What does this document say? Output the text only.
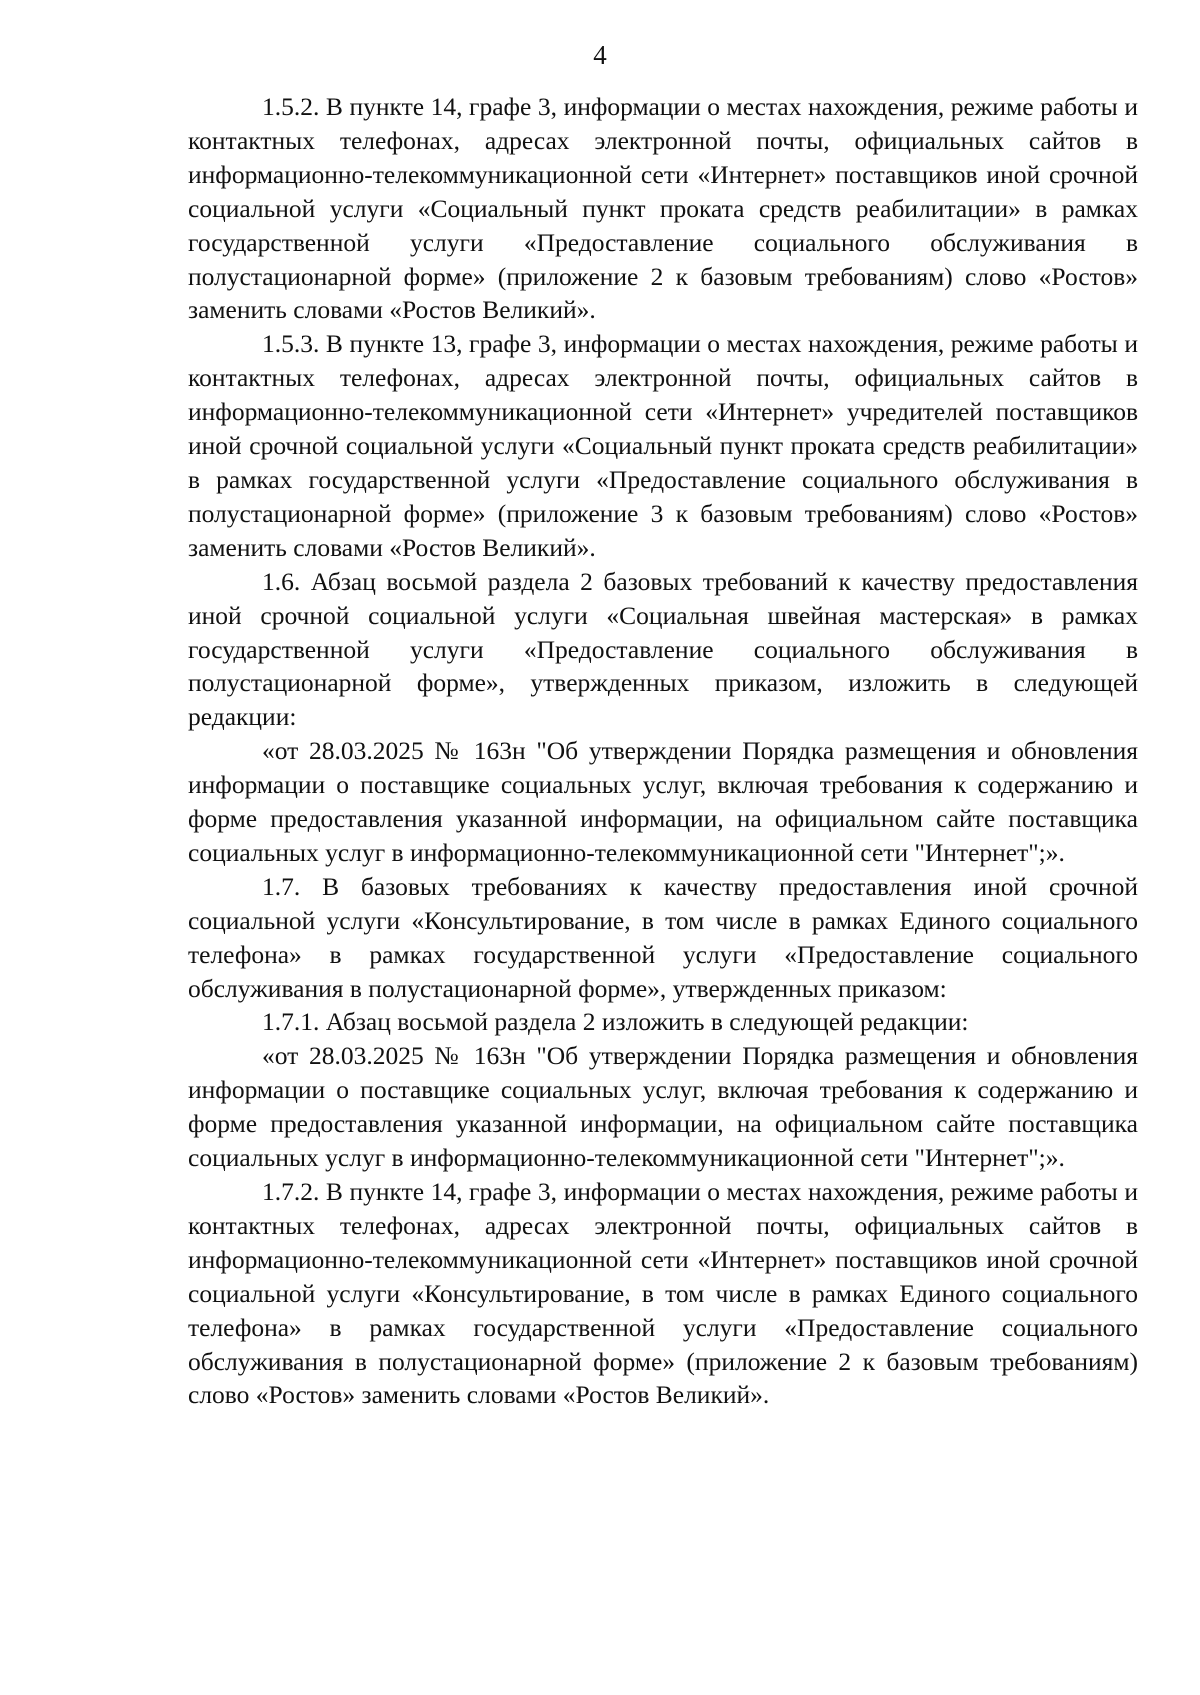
4

1.5.2. В пункте 14, графе 3, информации о местах нахождения, режиме работы и контактных телефонах, адресах электронной почты, официальных сайтов в информационно-телекоммуникационной сети «Интернет» поставщиков иной срочной социальной услуги «Социальный пункт проката средств реабилитации» в рамках государственной услуги «Предоставление социального обслуживания в полустационарной форме» (приложение 2 к базовым требованиям) слово «Ростов» заменить словами «Ростов Великий».

1.5.3. В пункте 13, графе 3, информации о местах нахождения, режиме работы и контактных телефонах, адресах электронной почты, официальных сайтов в информационно-телекоммуникационной сети «Интернет» учредителей поставщиков иной срочной социальной услуги «Социальный пункт проката средств реабилитации» в рамках государственной услуги «Предоставление социального обслуживания в полустационарной форме» (приложение 3 к базовым требованиям) слово «Ростов» заменить словами «Ростов Великий».

1.6. Абзац восьмой раздела 2 базовых требований к качеству предоставления иной срочной социальной услуги «Социальная швейная мастерская» в рамках государственной услуги «Предоставление социального обслуживания в полустационарной форме», утвержденных приказом, изложить в следующей редакции:

«от 28.03.2025 № 163н "Об утверждении Порядка размещения и обновления информации о поставщике социальных услуг, включая требования к содержанию и форме предоставления указанной информации, на официальном сайте поставщика социальных услуг в информационно-телекоммуникационной сети "Интернет";».

1.7. В базовых требованиях к качеству предоставления иной срочной социальной услуги «Консультирование, в том числе в рамках Единого социального телефона» в рамках государственной услуги «Предоставление социального обслуживания в полустационарной форме», утвержденных приказом:

1.7.1. Абзац восьмой раздела 2 изложить в следующей редакции:

«от 28.03.2025 № 163н "Об утверждении Порядка размещения и обновления информации о поставщике социальных услуг, включая требования к содержанию и форме предоставления указанной информации, на официальном сайте поставщика социальных услуг в информационно-телекоммуникационной сети "Интернет";».

1.7.2. В пункте 14, графе 3, информации о местах нахождения, режиме работы и контактных телефонах, адресах электронной почты, официальных сайтов в информационно-телекоммуникационной сети «Интернет» поставщиков иной срочной социальной услуги «Консультирование, в том числе в рамках Единого социального телефона» в рамках государственной услуги «Предоставление социального обслуживания в полустационарной форме» (приложение 2 к базовым требованиям) слово «Ростов» заменить словами «Ростов Великий».
